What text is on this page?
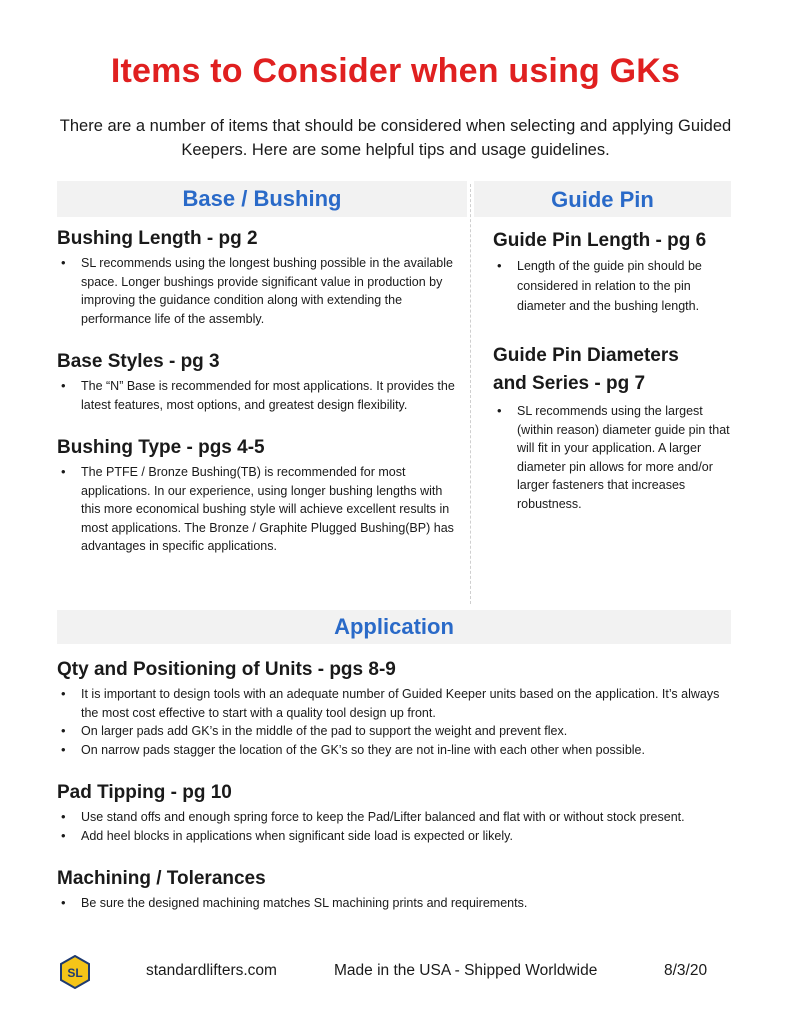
Items to Consider when using GKs
There are a number of items that should be considered when selecting and applying Guided Keepers. Here are some helpful tips and usage guidelines.
Base / Bushing	Guide Pin
Bushing Length - pg 2
• SL recommends using the longest bushing possible in the available space. Longer bushings provide significant value in production by improving the guidance condition along with extending the performance life of the assembly.
Base Styles - pg 3
• The “N” Base is recommended for most applications. It provides the latest features, most options, and greatest design flexibility.
Bushing Type - pgs 4-5
• The PTFE / Bronze Bushing(TB) is recommended for most applications. In our experience, using longer bushing lengths with this more economical bushing style will achieve excellent results in most applications. The Bronze / Graphite Plugged Bushing(BP) has advantages in specific applications.
Guide Pin Length - pg 6
• Length of the guide pin should be considered in relation to the pin diameter and the bushing length.
Guide Pin Diameters and Series - pg 7
• SL recommends using the largest (within reason) diameter guide pin that will fit in your application. A larger diameter pin allows for more and/or larger fasteners that increases robustness.
Application
Qty and Positioning of Units - pgs 8-9
• It is important to design tools with an adequate number of Guided Keeper units based on the application. It’s always the most cost effective to start with a quality tool design up front.
• On larger pads add GK’s in the middle of the pad to support the weight and prevent flex.
• On narrow pads stagger the location of the GK’s so they are not in-line with each other when possible.
Pad Tipping - pg 10
• Use stand offs and enough spring force to keep the Pad/Lifter balanced and flat with or without stock present.
• Add heel blocks in applications when significant side load is expected or likely.
Machining / Tolerances
• Be sure the designed machining matches SL machining prints and requirements.
SL	standardlifters.com	Made in the USA - Shipped Worldwide	8/3/20
